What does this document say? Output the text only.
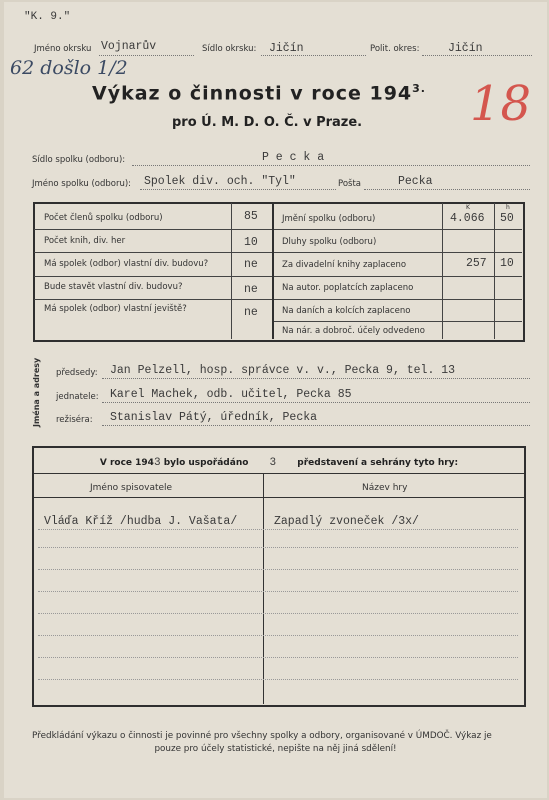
"K. 9."
Jméno okrsku Vojnarův	Sídlo okrsku: Jičín	Polit. okres: Jičín
62 došlo 1/2
Výkaz o činnosti v roce $194^{3.}$
pro Ú. M. D. O. Č. v Praze. 18
Sídlo spolku (odboru):	P e c k a
Jméno spolku (odboru): Spolek div. och. "Tyl"	Pošta	Pecka
Počet členů spolku (odboru)	85
Počet knih, div. her	10
Má spolek (odbor) vlastní div. budovu?	ne
Bude stavět vlastní div. budovu?	ne
Má spolek (odbor) vlastní jeviště?	ne
K	h
Jmění spolku (odboru)	4.066 50
Dluhy spolku (odboru)
Za divadelní knihy zaplaceno	257 10
Na autor. poplatcích zaplaceno
Na daních a kolcích zaplaceno
Na nár. a dobroč. účely odvedeno
Jména a adresy předsedy: Jan Pelzell, hosp. správce v. v., Pecka 9, tel. 13
jednatele: Karel Machek, odb. učitel, Pecka 85
režiséra: Stanislav Pátý, úředník, Pecka
V roce 1943 bylo uspořádáno 3 představení a sehrány tyto hry:
Jméno spisovatele	Název hry
Vláďa Kříž /hudba J. Vašata/	Zapadlý zvoneček /3x/
Předkládání výkazu o činnosti je povinné pro všechny spolky a odbory, organisované v ÚMDOČ. Výkaz je
pouze pro účely statistické, nepište na něj jiná sdělení!
